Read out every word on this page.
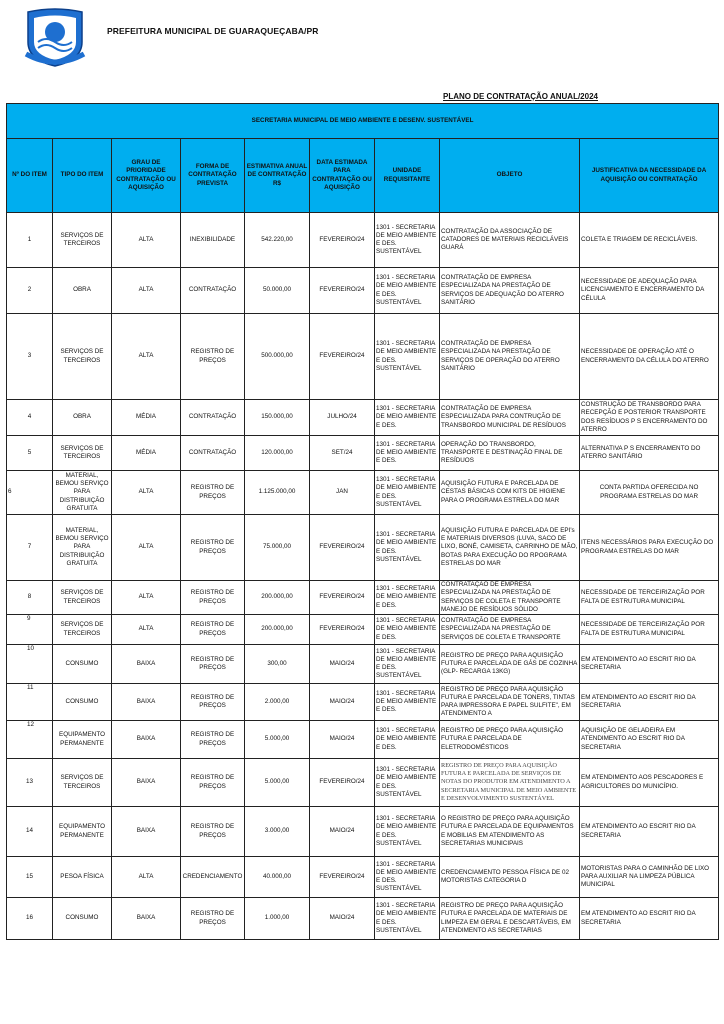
PREFEITURA MUNICIPAL DE GUARAQUEÇABA/PR
PLANO DE CONTRATAÇÃO ANUAL/2024
SECRETARIA MUNICIPAL DE MEIO AMBIENTE E DESENV. SUSTENTÁVEL								
Nº DO ITEM	TIPO DO ITEM	GRAU DE PRIORIDADE CONTRATAÇÃO OU AQUISIÇÃO	FORMA DE CONTRATAÇÃO PREVISTA	ESTIMATIVA ANUAL DE CONTRATAÇÃO R$	DATA ESTIMADA PARA CONTRATAÇÃO OU AQUISIÇÃO	UNIDADE REQUISITANTE	OBJETO	JUSTIFICATIVA DA NECESSIDADE DA AQUISIÇÃO OU CONTRATAÇÃO
1	SERVIÇOS DE TERCEIROS	ALTA	INEXIBILIDADE	542.220,00	FEVEREIRO/24	1301 - SECRETARIA DE MEIO AMBIENTE E DES. SUSTENTÁVEL	CONTRATAÇÃO DA ASSOCIAÇÃO DE CATADORES DE MATERIAIS RECICLÁVEIS GUARÁ	COLETA E TRIAGEM DE RECICLÁVEIS.
2	OBRA	ALTA	CONTRATAÇÃO	50.000,00	FEVEREIRO/24	1301 - SECRETARIA DE MEIO AMBIENTE E DES. SUSTENTÁVEL	CONTRATAÇÃO DE EMPRESA ESPECIALIZADA NA PRESTAÇÃO DE SERVIÇOS DE ADEQUAÇÃO DO ATERRO SANITÁRIO	NECESSIDADE DE ADEQUAÇÃO PARA LICENCIAMENTO E ENCERRAMENTO DA CÉLULA
3	SERVIÇOS DE TERCEIROS	ALTA	REGISTRO DE PREÇOS	500.000,00	FEVEREIRO/24	1301 - SECRETARIA DE MEIO AMBIENTE E DES. SUSTENTÁVEL	CONTRATAÇÃO DE EMPRESA ESPECIALIZADA NA PRESTAÇÃO DE SERVIÇOS DE OPERAÇÃO DO ATERRO SANITÁRIO	NECESSIDADE DE OPERAÇÃO ATÉ O ENCERRAMENTO DA CÉLULA DO ATERRO
4	OBRA	MÉDIA	CONTRATAÇÃO	150.000,00	JULHO/24	1301 - SECRETARIA DE MEIO AMBIENTE E DES.	CONTRATAÇÃO DE EMPRESA ESPECIALIZADA PARA CONTRUÇÃO DE TRANSBORDO MUNICIPAL DE RESÍDUOS	CONSTRUÇÃO DE TRANSBORDO PARA RECEPÇÃO E POSTERIOR TRANSPORTE DOS RESÍDUOS P S ENCERRAMENTO DO ATERRO
5	SERVIÇOS DE TERCEIROS	MÉDIA	CONTRATAÇÃO	120.000,00	SET/24	1301 - SECRETARIA DE MEIO AMBIENTE E DES.	OPERAÇÃO DO TRANSBORDO, TRANSPORTE E DESTINAÇÃO FINAL DE RESÍDUOS	ALTERNATIVA P S ENCERRAMENTO DO ATERRO SANITÁRIO
6	MATERIAL, BEMOU SERVIÇO PARA DISTRIBUIÇÃO GRATUITA	ALTA	REGISTRO DE PREÇOS	1.125.000,00	JAN	1301 - SECRETARIA DE MEIO AMBIENTE E DES. SUSTENTÁVEL	AQUISIÇÃO FUTURA E PARCELADA DE CESTAS BÁSICAS COM KITS DE HIGIENE PARA O PROGRAMA ESTRELA DO MAR	CONTA PARTIDA OFERECIDA NO PROGRAMA ESTRELAS DO MAR
7	MATERIAL, BEMOU SERVIÇO PARA DISTRIBUIÇÃO GRATUITA	ALTA	REGISTRO DE PREÇOS	75.000,00	FEVEREIRO/24	1301 - SECRETARIA DE MEIO AMBIENTE E DES. SUSTENTÁVEL	AQUISIÇÃO FUTURA E PARCELADA DE EPI's E MATERIAIS DIVERSOS (LUVA, SACO DE LIXO, BONÉ, CAMISETA, CARRINHO DE MÃO, BOTAS PARA EXECUÇÃO DO RPOGRAMA ESTRELAS DO MAR	ITENS NECESSÁRIOS PARA EXECUÇÃO DO PROGRAMA ESTRELAS DO MAR
8	SERVIÇOS DE TERCEIROS	ALTA	REGISTRO DE PREÇOS	200.000,00	FEVEREIRO/24	1301 - SECRETARIA DE MEIO AMBIENTE E DES.	CONTRATAÇÃO DE EMPRESA ESPECIALIZADA NA PRESTAÇÃO DE SERVIÇOS DE COLETA E TRANSPORTE MANEJO DE RESÍDUOS SÓLIDO	NECESSIDADE DE TERCEIRIZAÇÃO POR FALTA DE ESTRUTURA MUNICIPAL
9	SERVIÇOS DE TERCEIROS	ALTA	REGISTRO DE PREÇOS	200.000,00	FEVEREIRO/24	1301 - SECRETARIA DE MEIO AMBIENTE E DES.	CONTRATAÇÃO DE EMPRESA ESPECIALIZADA NA PRESTAÇÃO DE SERVIÇOS DE COLETA E TRANSPORTE	NECESSIDADE DE TERCEIRIZAÇÃO POR FALTA DE ESTRUTURA MUNICIPAL
10	CONSUMO	BAIXA	REGISTRO DE PREÇOS	300,00	MAIO/24	1301 - SECRETARIA DE MEIO AMBIENTE E DES. SUSTENTÁVEL	REGISTRO DE PREÇO PARA AQUISIÇÃO FUTURA E PARCELADA DE GÁS DE COZINHA (GLP- RECARGA 13KG)	EM ATENDIMENTO AO ESCRIT RIO DA SECRETARIA
11	CONSUMO	BAIXA	REGISTRO DE PREÇOS	2.000,00	MAIO/24	1301 - SECRETARIA DE MEIO AMBIENTE E DES.	REGISTRO DE PREÇO PARA AQUISIÇÃO FUTURA E PARCELADA DE TONERS, TINTAS PARA IMPRESSORA E PAPEL SULFITE", EM ATENDIMENTO A	EM ATENDIMENTO AO ESCRIT RIO DA SECRETARIA
12	EQUIPAMENTO PERMANENTE	BAIXA	REGISTRO DE PREÇOS	5.000,00	MAIO/24	1301 - SECRETARIA DE MEIO AMBIENTE E DES.	REGISTRO DE PREÇO PARA AQUISIÇÃO FUTURA E PARCELADA DE ELETRODOMÉSTICOS	AQUISIÇÃO DE GELADEIRA EM ATENDIMENTO AO ESCRIT RIO DA SECRETARIA
13	SERVIÇOS DE TERCEIROS	BAIXA	REGISTRO DE PREÇOS	5.000,00	FEVEREIRO/24	1301 - SECRETARIA DE MEIO AMBIENTE E DES. SUSTENTÁVEL	REGISTRO DE PREÇO PARA AQUISIÇÃO FUTURA E PARCELADA DE SERVIÇOS DE NOTAS DO PRODUTOR EM ATENDIMENTO A SECRETARIA MUNICIPAL DE MEIO AMBIENTE E DESENVOLVIMENTO SUSTENTÁVEL	EM ATENDIMENTO AOS PESCADORES E AGRICULTORES DO MUNICÍPIO.
14	EQUIPAMENTO PERMANENTE	BAIXA	REGISTRO DE PREÇOS	3.000,00	MAIO/24	1301 - SECRETARIA DE MEIO AMBIENTE E DES. SUSTENTÁVEL	O REGISTRO DE PREÇO PARA AQUISIÇÃO FUTURA E PARCELADA DE EQUIPAMENTOS E MOBILIAS EM ATENDIMENTO AS SECRETARIAS MUNICIPAIS	EM ATENDIMENTO AO ESCRIT RIO DA SECRETARIA
15	PESOA FÍSICA	ALTA	CREDENCIAMENTO	40.000,00	FEVEREIRO/24	1301 - SECRETARIA DE MEIO AMBIENTE E DES. SUSTENTÁVEL	CREDENCIAMENTO PESSOA FÍSICA DE 02 MOTORISTAS CATEGORIA D	MOTORISTAS PARA O CAMINHÃO DE LIXO PARA AUXILIAR NA LIMPEZA PÚBLICA MUNICIPAL
16	CONSUMO	BAIXA	REGISTRO DE PREÇOS	1.000,00	MAIO/24	1301 - SECRETARIA DE MEIO AMBIENTE E DES. SUSTENTÁVEL	REGISTRO DE PREÇO PARA AQUISIÇÃO FUTURA E PARCELADA DE MATERIAIS DE LIMPEZA EM GERAL E DESCARTÁVEIS, EM ATENDIMENTO AS SECRETARIAS	EM ATENDIMENTO AO ESCRIT RIO DA SECRETARIA
